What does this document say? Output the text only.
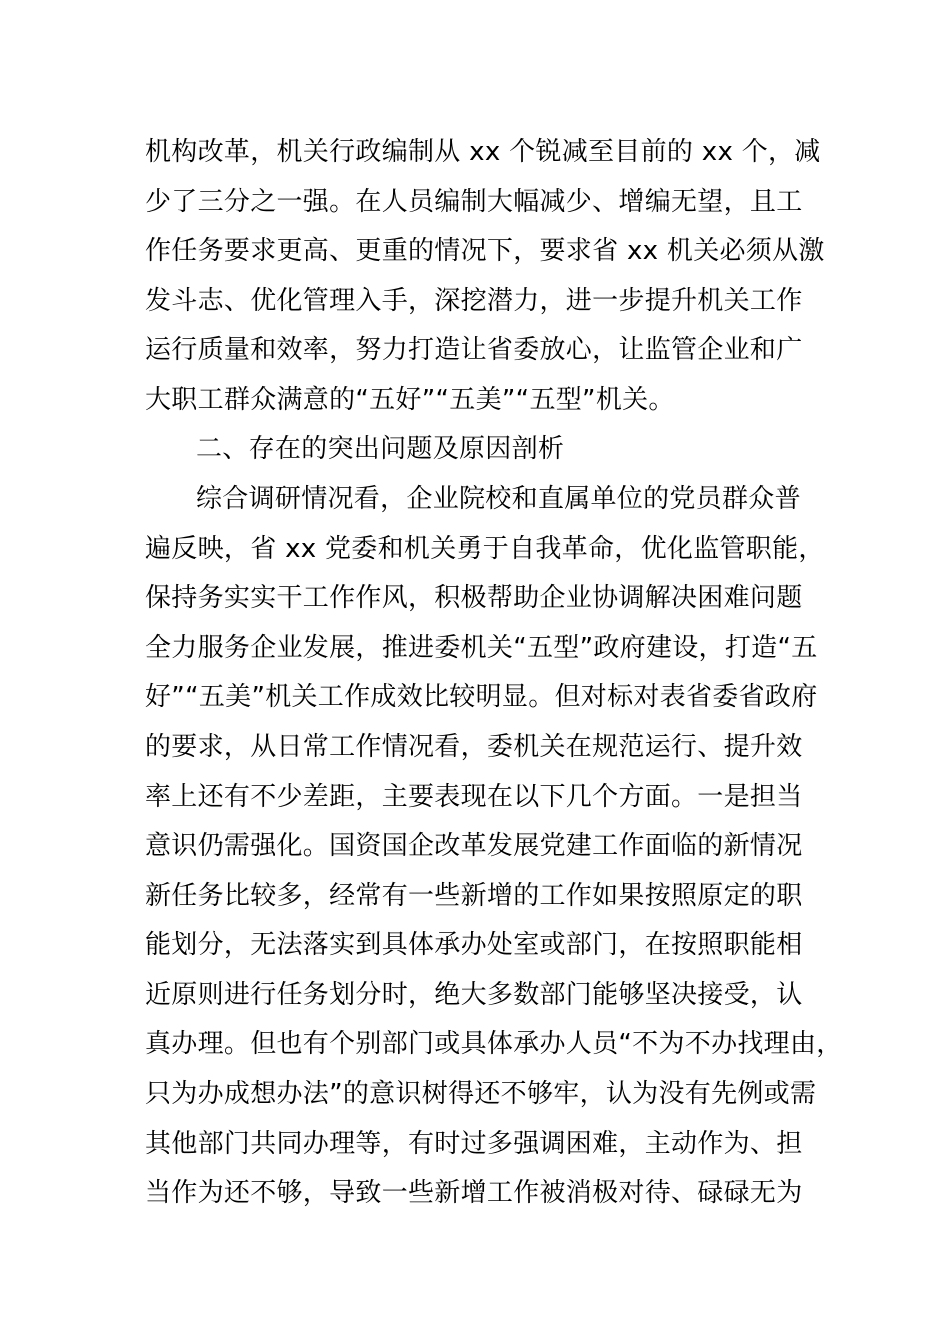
机构改革，机关行政编制从 xx 个锐减至目前的 xx 个，减
少了三分之一强。在人员编制大幅减少、增编无望，且工
作任务要求更高、更重的情况下，要求省 xx 机关必须从激
发斗志、优化管理入手，深挖潜力，进一步提升机关工作
运行质量和效率，努力打造让省委放心，让监管企业和广
大职工群众满意的“五好”“五美”“五型”机关。
二、存在的突出问题及原因剖析
综合调研情况看，企业院校和直属单位的党员群众普
遍反映，省 xx 党委和机关勇于自我革命，优化监管职能，
保持务实实干工作作风，积极帮助企业协调解决困难问题
全力服务企业发展，推进委机关“五型”政府建设，打造“五
好”“五美”机关工作成效比较明显。但对标对表省委省政府
的要求，从日常工作情况看，委机关在规范运行、提升效
率上还有不少差距，主要表现在以下几个方面。一是担当
意识仍需强化。国资国企改革发展党建工作面临的新情况
新任务比较多，经常有一些新增的工作如果按照原定的职
能划分，无法落实到具体承办处室或部门，在按照职能相
近原则进行任务划分时，绝大多数部门能够坚决接受，认
真办理。但也有个别部门或具体承办人员“不为不办找理由，
只为办成想办法”的意识树得还不够牢，认为没有先例或需
其他部门共同办理等，有时过多强调困难，主动作为、担
当作为还不够，导致一些新增工作被消极对待、碌碌无为
